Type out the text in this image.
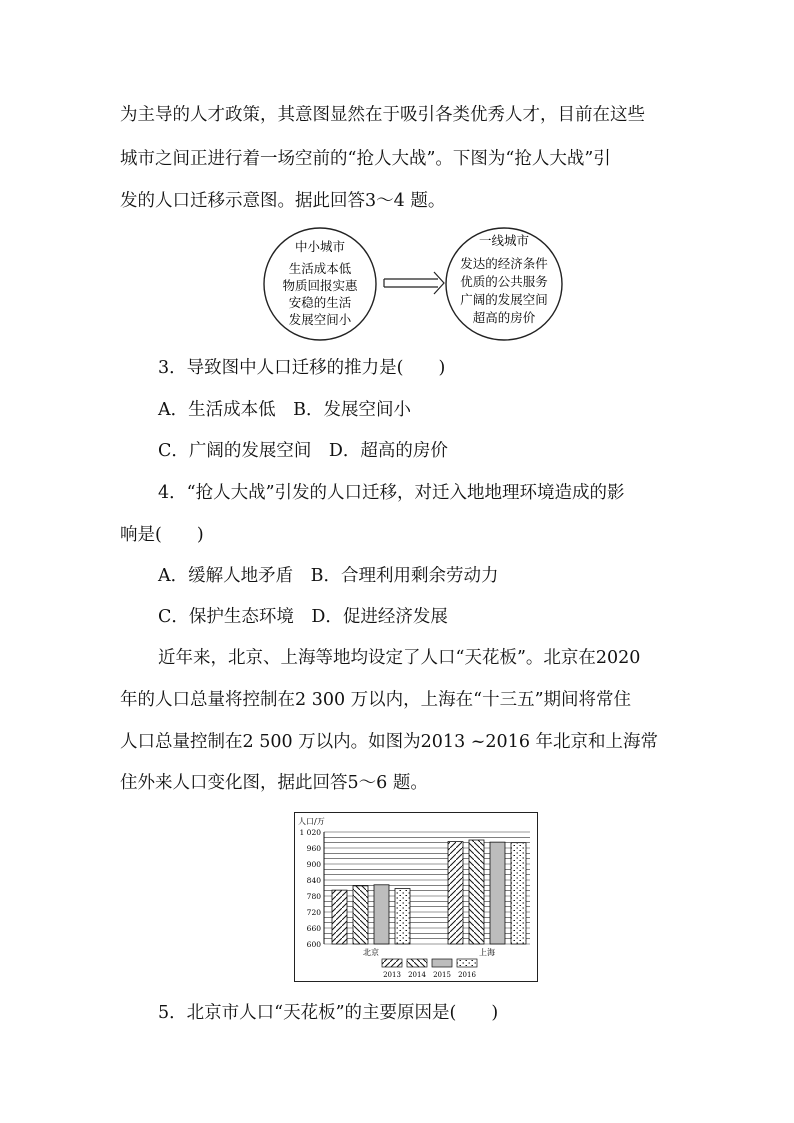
为主导的人才政策，其意图显然在于吸引各类优秀人才，目前在这些
城市之间正进行着一场空前的“抢人大战”。下图为“抢人大战”引
发的人口迁移示意图。据此回答3～4 题。
中小城市
生活成本低
物质回报实惠
安稳的生活
发展空间小
一线城市
发达的经济条件
优质的公共服务
广阔的发展空间
超高的房价
3．导致图中人口迁移的推力是(　　)
A．生活成本低　B．发展空间小
C．广阔的发展空间　D．超高的房价
4．“抢人大战”引发的人口迁移，对迁入地地理环境造成的影
响是(　　)
A．缓解人地矛盾　B．合理利用剩余劳动力
C．保护生态环境　D．促进经济发展
近年来，北京、上海等地均设定了人口“天花板”。北京在2020
年的人口总量将控制在2 300 万以内，上海在“十三五”期间将常住
人口总量控制在2 500 万以内。如图为2013 ~2016 年北京和上海常
住外来人口变化图，据此回答5～6 题。
人口/万
1 020
960
900
840
780
720
660
600
北京	上海
2013 2014 2015 2016
5．北京市人口“天花板”的主要原因是(　　)
